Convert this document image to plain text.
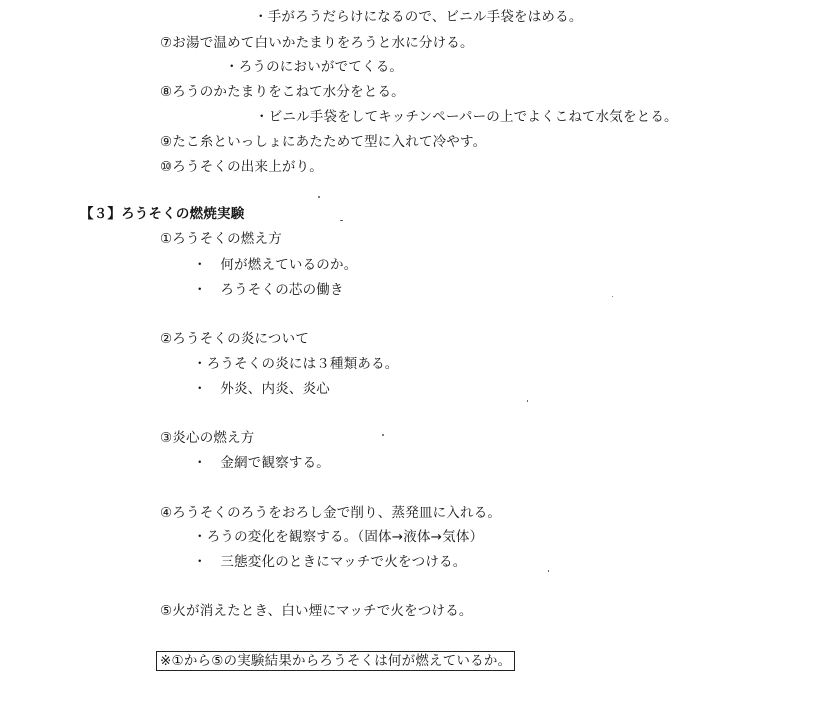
・手がろうだらけになるので、ビニル手袋をはめる。
⑦お湯で温めて白いかたまりをろうと水に分ける。
・ろうのにおいがでてくる。
⑧ろうのかたまりをこねて水分をとる。
・ビニル手袋をしてキッチンペーパーの上でよくこねて水気をとる。
⑨たこ糸といっしょにあたためて型に入れて冷やす。
⑩ろうそくの出来上がり。
【３】ろうそくの燃焼実験
①ろうそくの燃え方
・　何が燃えているのか。
・　ろうそくの芯の働き
②ろうそくの炎について
・ろうそくの炎には３種類ある。
・　外炎、内炎、炎心
③炎心の燃え方
・　金網で観察する。
④ろうそくのろうをおろし金で削り、蒸発皿に入れる。
・ろうの変化を観察する。（固体→液体→気体）
・　三態変化のときにマッチで火をつける。
⑤火が消えたとき、白い煙にマッチで火をつける。
※①から⑤の実験結果からろうそくは何が燃えているか。
